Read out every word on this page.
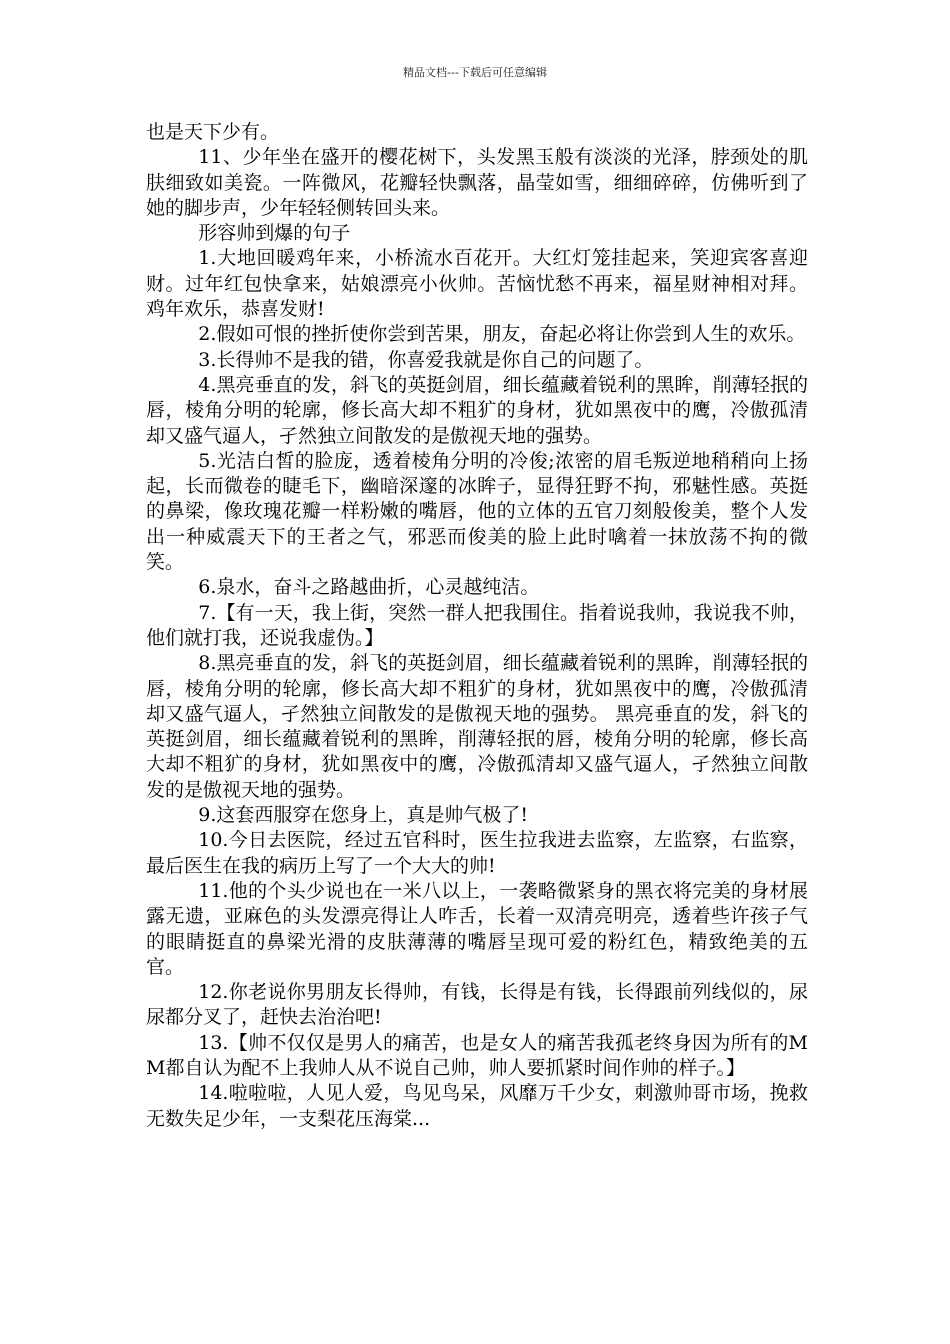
精品文档---下载后可任意编辑

也是天下少有。

11、少年坐在盛开的樱花树下，头发黑玉般有淡淡的光泽，脖颈处的肌肤细致如美瓷。一阵微风，花瓣轻快飘落，晶莹如雪，细细碎碎，仿佛听到了她的脚步声，少年轻轻侧转回头来。

形容帅到爆的句子

1.大地回暖鸡年来，小桥流水百花开。大红灯笼挂起来，笑迎宾客喜迎财。过年红包快拿来，姑娘漂亮小伙帅。苦恼忧愁不再来，福星财神相对拜。鸡年欢乐，恭喜发财!

2.假如可恨的挫折使你尝到苦果，朋友，奋起必将让你尝到人生的欢乐。

3.长得帅不是我的错，你喜爱我就是你自己的问题了。

4.黑亮垂直的发，斜飞的英挺剑眉，细长蕴藏着锐利的黑眸，削薄轻抿的唇，棱角分明的轮廓，修长高大却不粗犷的身材，犹如黑夜中的鹰，冷傲孤清却又盛气逼人，孑然独立间散发的是傲视天地的强势。

5.光洁白皙的脸庞，透着棱角分明的冷俊;浓密的眉毛叛逆地稍稍向上扬起，长而微卷的睫毛下，幽暗深邃的冰眸子，显得狂野不拘，邪魅性感。英挺的鼻梁，像玫瑰花瓣一样粉嫩的嘴唇，他的立体的五官刀刻般俊美，整个人发出一种威震天下的王者之气，邪恶而俊美的脸上此时噙着一抹放荡不拘的微笑。

6.泉水，奋斗之路越曲折，心灵越纯洁。

7.【有一天，我上街，突然一群人把我围住。指着说我帅，我说我不帅，他们就打我，还说我虚伪。】

8.黑亮垂直的发，斜飞的英挺剑眉，细长蕴藏着锐利的黑眸，削薄轻抿的唇，棱角分明的轮廓，修长高大却不粗犷的身材，犹如黑夜中的鹰，冷傲孤清却又盛气逼人，孑然独立间散发的是傲视天地的强势。 黑亮垂直的发，斜飞的英挺剑眉，细长蕴藏着锐利的黑眸，削薄轻抿的唇，棱角分明的轮廓，修长高大却不粗犷的身材，犹如黑夜中的鹰，冷傲孤清却又盛气逼人，孑然独立间散发的是傲视天地的强势。

9.这套西服穿在您身上，真是帅气极了!

10.今日去医院，经过五官科时，医生拉我进去监察，左监察，右监察，最后医生在我的病历上写了一个大大的帅!

11.他的个头少说也在一米八以上，一袭略微紧身的黑衣将完美的身材展露无遗，亚麻色的头发漂亮得让人咋舌，长着一双清亮明亮，透着些许孩子气的眼睛挺直的鼻梁光滑的皮肤薄薄的嘴唇呈现可爱的粉红色，精致绝美的五官。

12.你老说你男朋友长得帅，有钱，长得是有钱，长得跟前列线似的，尿尿都分叉了，赶快去治治吧!

13.【帅不仅仅是男人的痛苦，也是女人的痛苦我孤老终身因为所有的MM都自认为配不上我帅人从不说自己帅，帅人要抓紧时间作帅的样子。】

14.啦啦啦，人见人爱，鸟见鸟呆，风靡万千少女，刺激帅哥市场，挽救无数失足少年，一支梨花压海棠...
